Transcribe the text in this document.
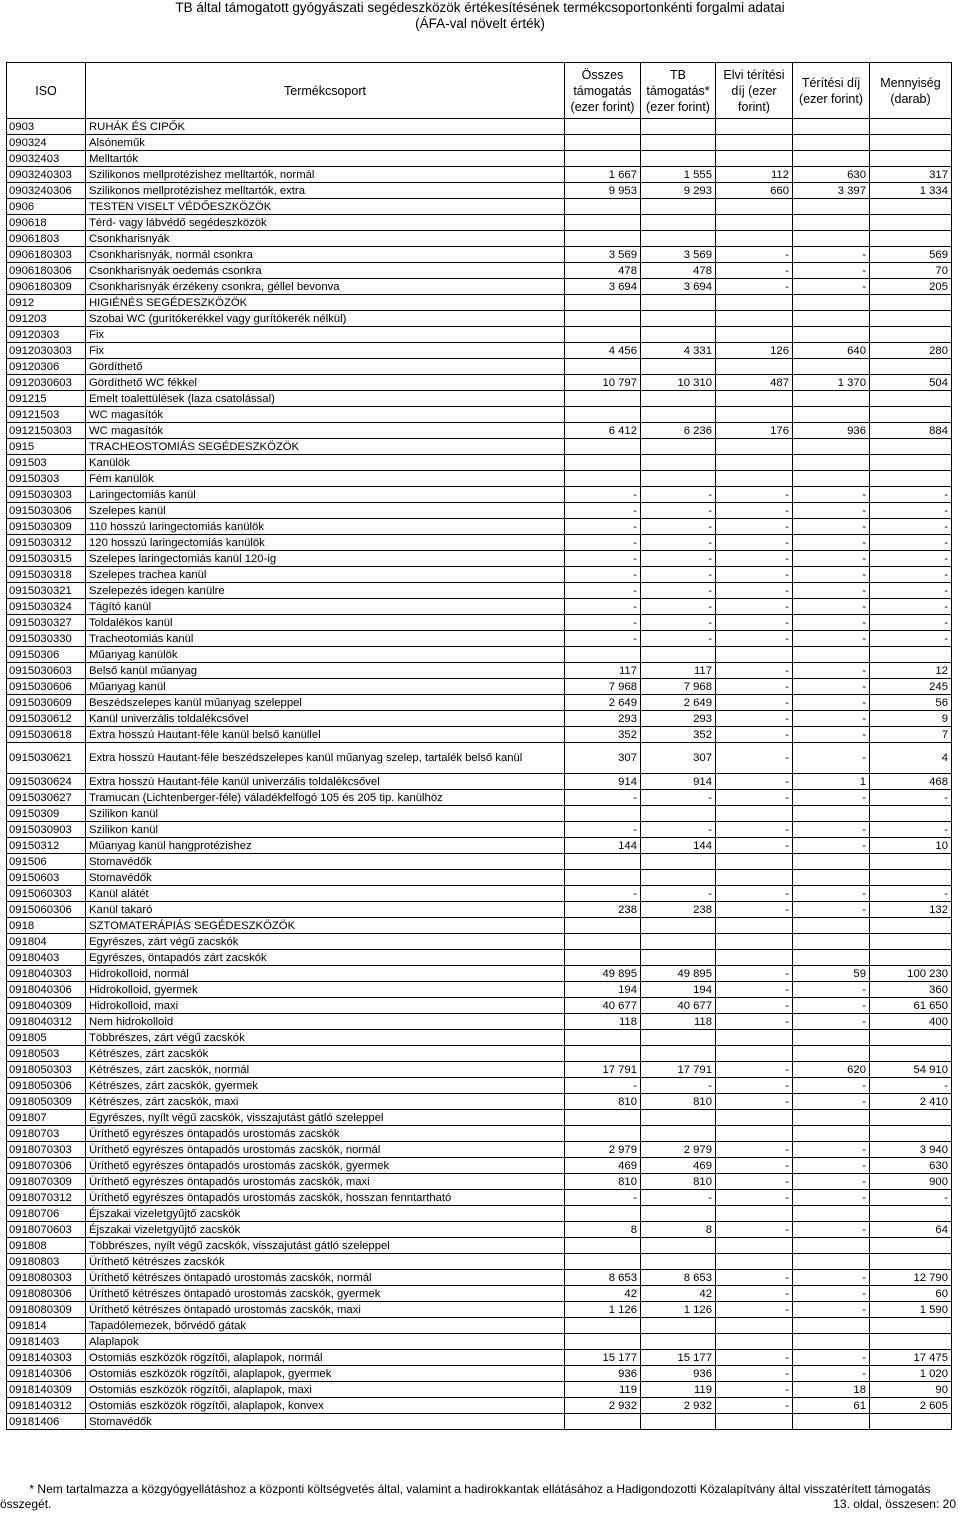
TB által támogatott gyógyászati segédeszközök értékesítésének termékcsoportonkénti forgalmi adatai
(ÁFA-val növelt érték)
ISO	Termékcsoport	Összes támogatás (ezer forint)	TB támogatás* (ezer forint)	Elvi térítési díj (ezer forint)	Térítési díj (ezer forint)	Mennyiség (darab)
0903	RUHÁK ÉS CIPŐK					
090324	Alsóneműk					
09032403	Melltartók					
0903240303	Szilikonos mellprotézishez melltartók, normál	1 667	1 555	112	630	317
0903240306	Szilikonos mellprotézishez melltartók, extra	9 953	9 293	660	3 397	1 334
0906	TESTEN VISELT VÉDŐESZKÖZÖK					
090618	Térd- vagy lábvédő segédeszközök					
09061803	Csonkharisnyák					
0906180303	Csonkharisnyák, normál csonkra	3 569	3 569	-	-	569
0906180306	Csonkharisnyák oedemás csonkra	478	478	-	-	70
0906180309	Csonkharisnyák érzékeny csonkra, géllel bevonva	3 694	3 694	-	-	205
0912	HIGIÉNÉS SEGÉDESZKÖZÖK					
091203	Szobai WC (gurítókerékkel vagy gurítókerék nélkül)					
09120303	Fix					
0912030303	Fix	4 456	4 331	126	640	280
09120306	Gördíthető					
0912030603	Gördíthető WC fékkel	10 797	10 310	487	1 370	504
091215	Emelt toalettülések (laza csatolással)					
09121503	WC magasítók					
0912150303	WC magasítók	6 412	6 236	176	936	884
0915	TRACHEOSTOMIÁS SEGÉDESZKÖZÖK					
091503	Kanülök					
09150303	Fém kanülök					
0915030303	Laringectomiás kanül	-	-	-	-	-
0915030306	Szelepes kanül	-	-	-	-	-
0915030309	110 hosszú laringectomiás kanülök	-	-	-	-	-
0915030312	120 hosszú laringectomiás kanülök	-	-	-	-	-
0915030315	Szelepes laringectomiás kanül 120-ig	-	-	-	-	-
0915030318	Szelepes trachea kanül	-	-	-	-	-
0915030321	Szelepezés idegen kanülre	-	-	-	-	-
0915030324	Tágító kanül	-	-	-	-	-
0915030327	Toldalékos kanül	-	-	-	-	-
0915030330	Tracheotomiás kanül	-	-	-	-	-
09150306	Műanyag kanülök					
0915030603	Belső kanül műanyag	117	117	-	-	12
0915030606	Műanyag kanül	7 968	7 968	-	-	245
0915030609	Beszédszelepes kanül műanyag szeleppel	2 649	2 649	-	-	56
0915030612	Kanül univerzális toldalékcsővel	293	293	-	-	9
0915030618	Extra hosszú Hautant-féle kanül belső kanüllel	352	352	-	-	7
0915030621	Extra hosszú Hautant-féle beszédszelepes kanül műanyag szelep, tartalék belső kanül	307	307	-	-	4
0915030624	Extra hosszú Hautant-féle kanül univerzális toldalékcsővel	914	914	-	1	468
0915030627	Tramucan (Lichtenberger-féle) váladékfelfogó 105 és 205 tip. kanülhöz	-	-	-	-	-
09150309	Szilikon kanül					
0915030903	Szilikon kanül	-	-	-	-	-
09150312	Műanyag kanül hangprotézishez	144	144	-	-	10
091506	Stomavédők					
09150603	Stomavédők					
0915060303	Kanül alátét	-	-	-	-	-
0915060306	Kanül takaró	238	238	-	-	132
0918	SZTOMATERÁPIÁS SEGÉDESZKÖZÖK					
091804	Egyrészes, zárt végű zacskók					
09180403	Egyrészes, öntapadós zárt zacskók					
0918040303	Hidrokolloid, normál	49 895	49 895	-	59	100 230
0918040306	Hidrokolloid, gyermek	194	194	-	-	360
0918040309	Hidrokolloid, maxi	40 677	40 677	-	-	61 650
0918040312	Nem hidrokolloid	118	118	-	-	400
091805	Többrészes, zárt végű zacskók					
09180503	Kétrészes, zárt zacskók					
0918050303	Kétrészes, zárt zacskók, normál	17 791	17 791	-	620	54 910
0918050306	Kétrészes, zárt zacskók, gyermek	-	-	-	-	-
0918050309	Kétrészes, zárt zacskók, maxi	810	810	-	-	2 410
091807	Egyrészes, nyílt végű zacskók, visszajutást gátló szeleppel					
09180703	Üríthető egyrészes öntapadós urostomás zacskók					
0918070303	Üríthető egyrészes öntapadós urostomás zacskók, normál	2 979	2 979	-	-	3 940
0918070306	Üríthető egyrészes öntapadós urostomás zacskók, gyermek	469	469	-	-	630
0918070309	Üríthető egyrészes öntapadós urostomás zacskók, maxi	810	810	-	-	900
0918070312	Üríthető egyrészes öntapadós urostomás zacskók, hosszan fenntartható	-	-	-	-	-
09180706	Éjszakai vizeletgyűjtő zacskók					
0918070603	Éjszakai vizeletgyűjtő zacskók	8	8	-	-	64
091808	Többrészes, nyílt végű zacskók, visszajutást gátló szeleppel					
09180803	Üríthető kétrészes zacskók					
0918080303	Üríthető kétrészes öntapadó urostomás zacskók, normál	8 653	8 653	-	-	12 790
0918080306	Üríthető kétrészes öntapadó urostomás zacskók, gyermek	42	42	-	-	60
0918080309	Üríthető kétrészes öntapadó urostomás zacskók, maxi	1 126	1 126	-	-	1 590
091814	Tapadólemezek, bőrvédő gátak					
09181403	Alaplapok					
0918140303	Ostomiás eszközök rögzítői, alaplapok, normál	15 177	15 177	-	-	17 475
0918140306	Ostomiás eszközök rögzítői, alaplapok, gyermek	936	936	-	-	1 020
0918140309	Ostomiás eszközök rögzítői, alaplapok, maxi	119	119	-	18	90
0918140312	Ostomiás eszközök rögzítői, alaplapok, konvex	2 932	2 932	-	61	2 605
09181406	Stomavédők					
* Nem tartalmazza a közgyógyellátáshoz a központi költségvetés által, valamint a hadirokkantak ellátásához a Hadigondozotti Közalapítvány által visszatérített támogatás
összegét.	13. oldal, összesen: 20
